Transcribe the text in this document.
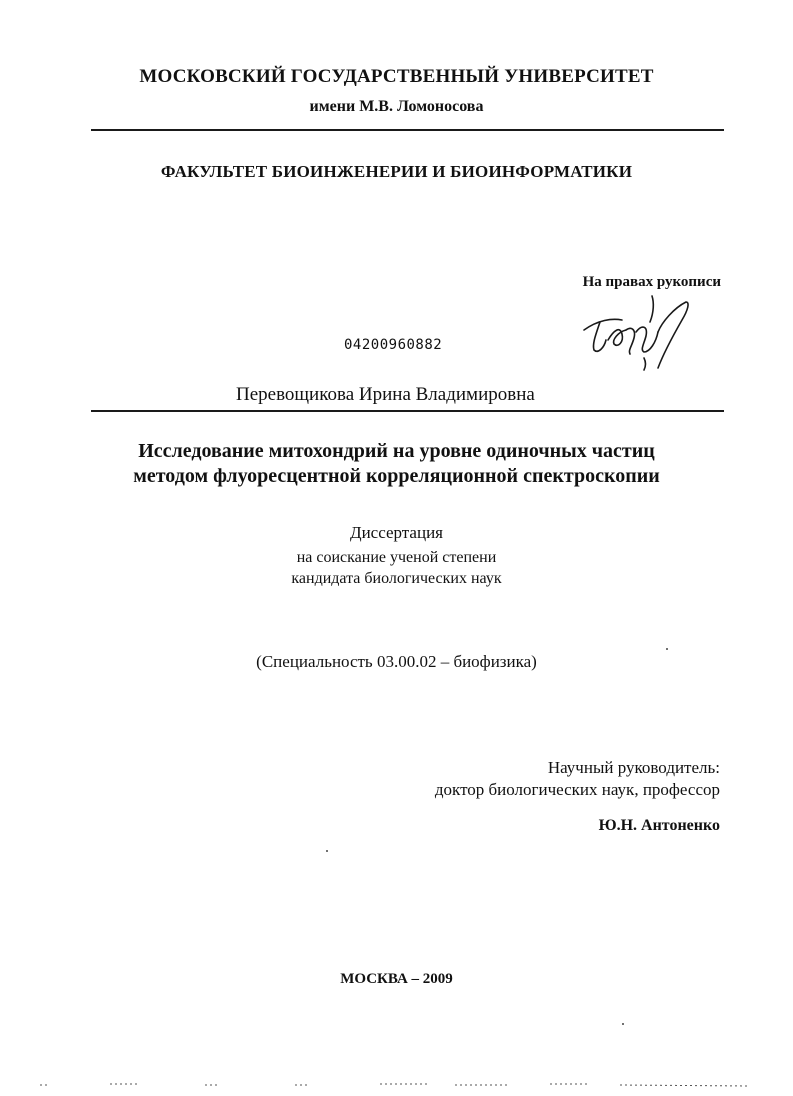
МОСКОВСКИЙ ГОСУДАРСТВЕННЫЙ УНИВЕРСИТЕТ
имени М.В. Ломоносова
ФАКУЛЬТЕТ БИОИНЖЕНЕРИИ И БИОИНФОРМАТИКИ
На правах рукописи
04200960882
Перевощикова Ирина Владимировна
Исследование митохондрий на уровне одиночных частиц
методом флуоресцентной корреляционной спектроскопии
Диссертация
на соискание ученой степени
кандидата биологических наук
(Специальность 03.00.02 – биофизика)
Научный руководитель:
доктор биологических наук, профессор
Ю.Н. Антоненко
МОСКВА – 2009
